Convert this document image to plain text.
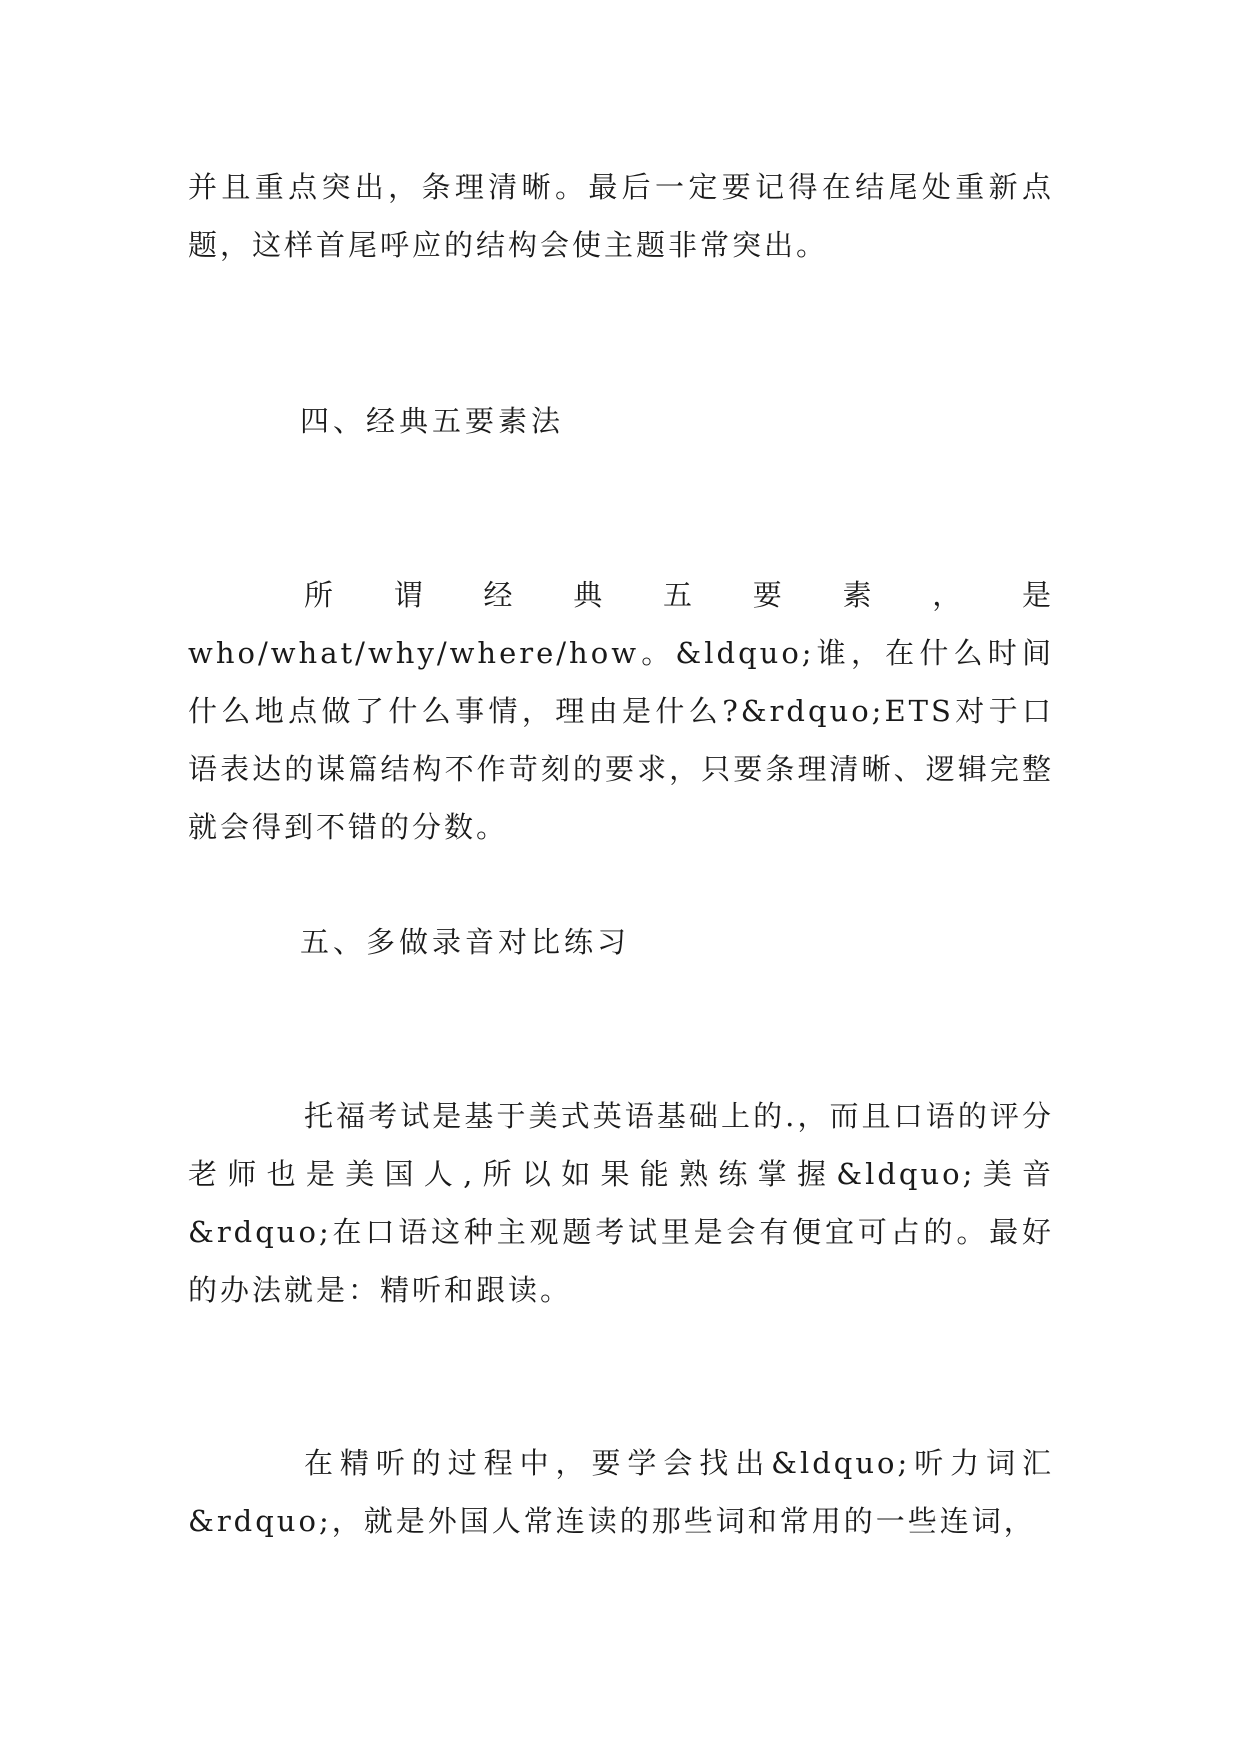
并且重点突出，条理清晰。最后一定要记得在结尾处重新点题，这样首尾呼应的结构会使主题非常突出。

四、经典五要素法

所谓经典五要素，是who/what/why/where/how。&ldquo;谁，在什么时间什么地点做了什么事情，理由是什么?&rdquo;ETS对于口语表达的谋篇结构不作苛刻的要求，只要条理清晰、逻辑完整就会得到不错的分数。

五、多做录音对比练习

托福考试是基于美式英语基础上的.，而且口语的评分老师也是美国人,所以如果能熟练掌握&ldquo;美音&rdquo;在口语这种主观题考试里是会有便宜可占的。最好的办法就是：精听和跟读。

在精听的过程中，要学会找出&ldquo;听力词汇&rdquo;，就是外国人常连读的那些词和常用的一些连词，
